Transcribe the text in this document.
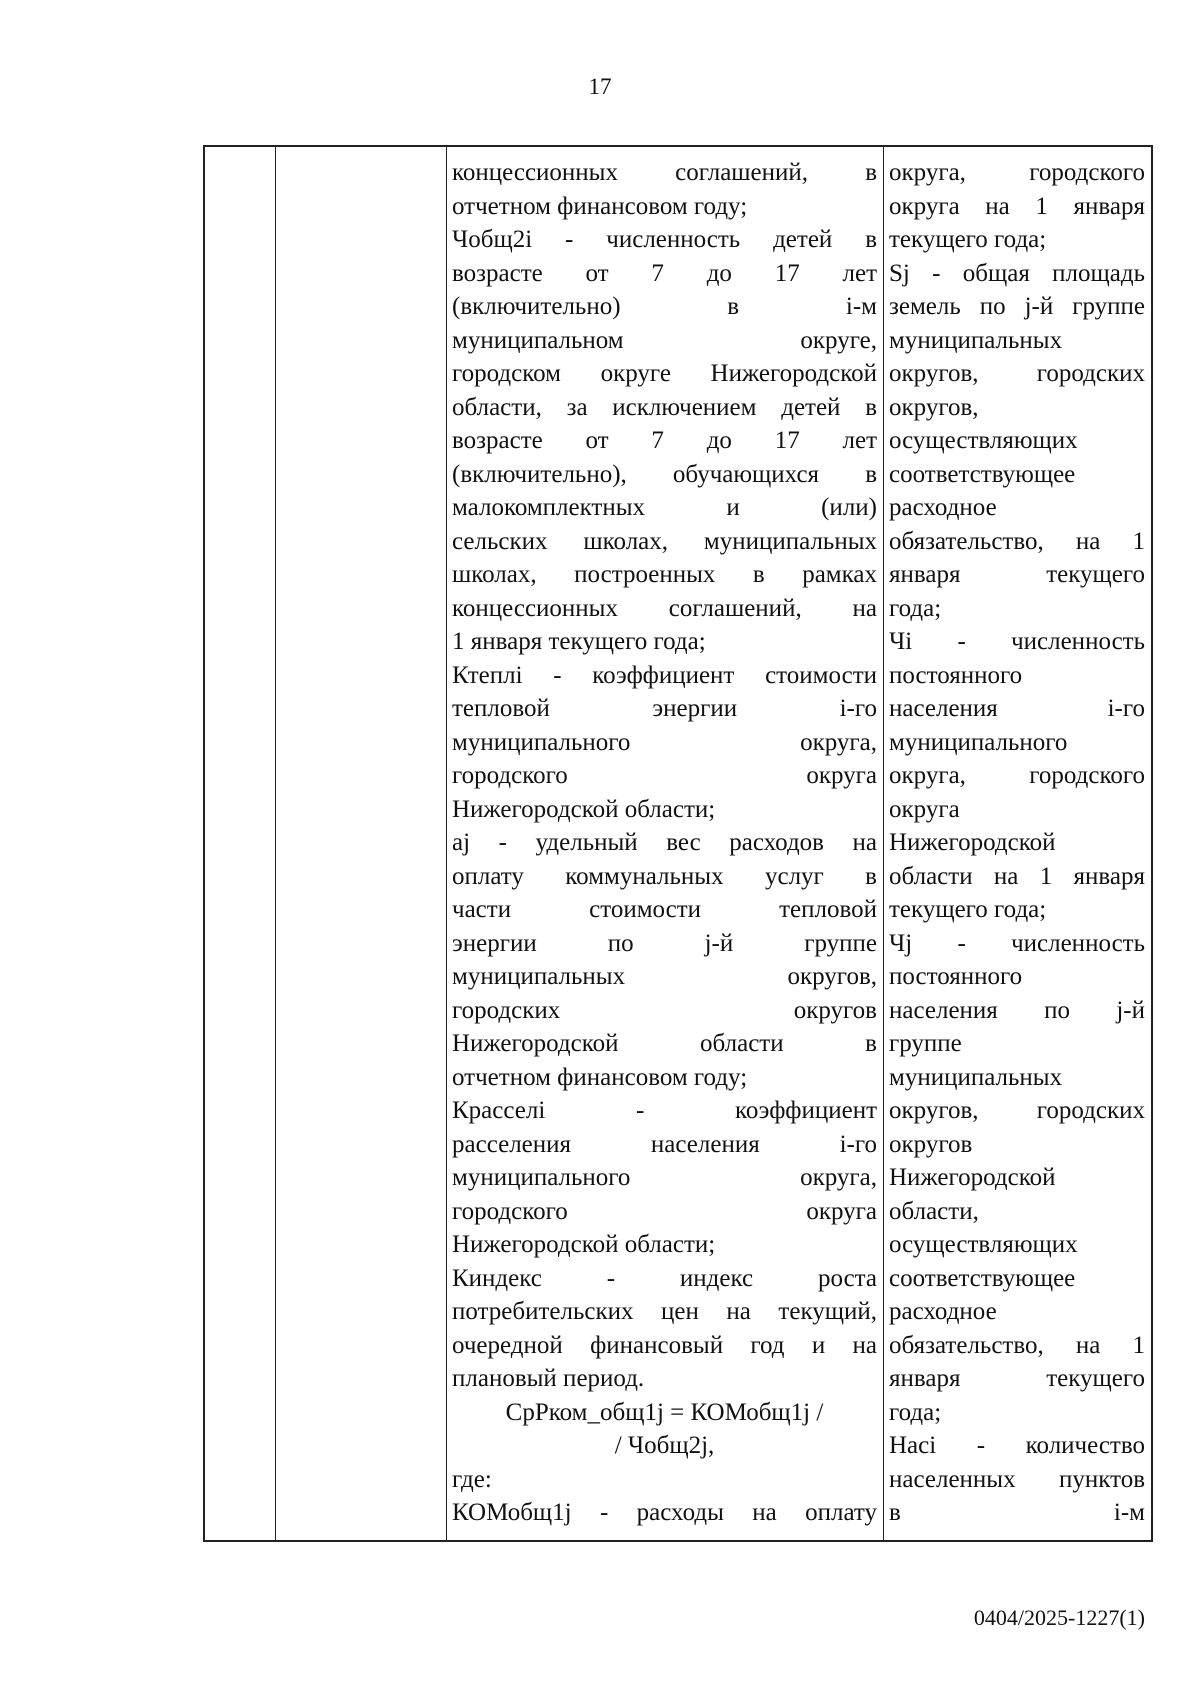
17
концессионных соглашений, в
отчетном финансовом году;
Чобщ2i - численность детей в
возрасте от 7 до 17 лет
(включительно) в i-м
муниципальном округе,
городском округе Нижегородской
области, за исключением детей в
возрасте от 7 до 17 лет
(включительно), обучающихся в
малокомплектных и (или)
сельских школах, муниципальных
школах, построенных в рамках
концессионных соглашений, на
1 января текущего года;
Ктеплi - коэффициент стоимости
тепловой энергии i-го
муниципального округа,
городского округа
Нижегородской области;
aj - удельный вес расходов на
оплату коммунальных услуг в
части стоимости тепловой
энергии по j-й группе
муниципальных округов,
городских округов
Нижегородской области в
отчетном финансовом году;
Красселi - коэффициент
расселения населения i-го
муниципального округа,
городского округа
Нижегородской области;
Киндекс - индекс роста
потребительских цен на текущий,
очередной финансовый год и на
плановый период.
СрРком_общ1j = КОМобщ1j /
/ Чобщ2j,
где:
КОМобщ1j - расходы на оплату
округа, городского
округа на 1 января
текущего года;
Sj - общая площадь
земель по j-й группе
муниципальных
округов, городских
округов,
осуществляющих
соответствующее
расходное
обязательство, на 1
января текущего
года;
Чi - численность
постоянного
населения i-го
муниципального
округа, городского
округа
Нижегородской
области на 1 января
текущего года;
Чj - численность
постоянного
населения по j-й
группе
муниципальных
округов, городских
округов
Нижегородской
области,
осуществляющих
соответствующее
расходное
обязательство, на 1
января текущего
года;
Насi - количество
населенных пунктов
в i-м
0404/2025-1227(1)
